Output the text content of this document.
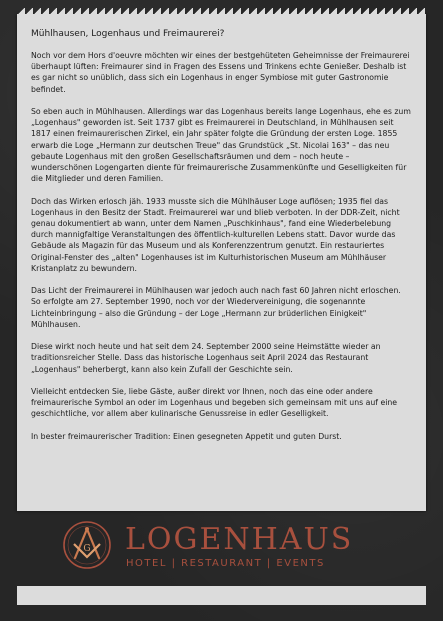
Mühlhausen, Logenhaus und Freimaurerei?

Noch vor dem Hors d'oeuvre möchten wir eines der bestgehüteten Geheimnisse der Freimaurerei überhaupt lüften: Freimaurer sind in Fragen des Essens und Trinkens echte Genießer. Deshalb ist es gar nicht so unüblich, dass sich ein Logenhaus in enger Symbiose mit guter Gastronomie befindet.

So eben auch in Mühlhausen. Allerdings war das Logenhaus bereits lange Logenhaus, ehe es zum „Logenhaus" geworden ist. Seit 1737 gibt es Freimaurerei in Deutschland, in Mühlhausen seit 1817 einen freimaurerischen Zirkel, ein Jahr später folgte die Gründung der ersten Loge. 1855 erwarb die Loge „Hermann zur deutschen Treue" das Grundstück „St. Nicolai 163" – das neu gebaute Logenhaus mit den großen Gesellschaftsräumen und dem – noch heute – wunderschönen Logengarten diente für freimaurerische Zusammenkünfte und Geselligkeiten für die Mitglieder und deren Familien.

Doch das Wirken erlosch jäh. 1933 musste sich die Mühlhäuser Loge auflösen; 1935 fiel das Logenhaus in den Besitz der Stadt. Freimaurerei war und blieb verboten. In der DDR-Zeit, nicht genau dokumentiert ab wann, unter dem Namen „Puschkinhaus", fand eine Wiederbelebung durch mannigfaltige Veranstaltungen des öffentlich-kulturellen Lebens statt. Davor wurde das Gebäude als Magazin für das Museum und als Konferenzzentrum genutzt. Ein restauriertes Original-Fenster des „alten" Logenhauses ist im Kulturhistorischen Museum am Mühlhäuser Kristanplatz zu bewundern.

Das Licht der Freimaurerei in Mühlhausen war jedoch auch nach fast 60 Jahren nicht erloschen. So erfolgte am 27. September 1990, noch vor der Wiedervereinigung, die sogenannte Lichteinbringung – also die Gründung – der Loge „Hermann zur brüderlichen Einigkeit" Mühlhausen.

Diese wirkt noch heute und hat seit dem 24. September 2000 seine Heimstätte wieder an traditionsreicher Stelle. Dass das historische Logenhaus seit April 2024 das Restaurant „Logenhaus" beherbergt, kann also kein Zufall der Geschichte sein.

Vielleicht entdecken Sie, liebe Gäste, außer direkt vor Ihnen, noch das eine oder andere freimaurerische Symbol an oder im Logenhaus und begeben sich gemeinsam mit uns auf eine geschichtliche, vor allem aber kulinarische Genussreise in edler Geselligkeit.

In bester freimaurerischer Tradition: Einen gesegneten Appetit und guten Durst.

G LOGENHAUS
HOTEL | RESTAURANT | EVENTS
